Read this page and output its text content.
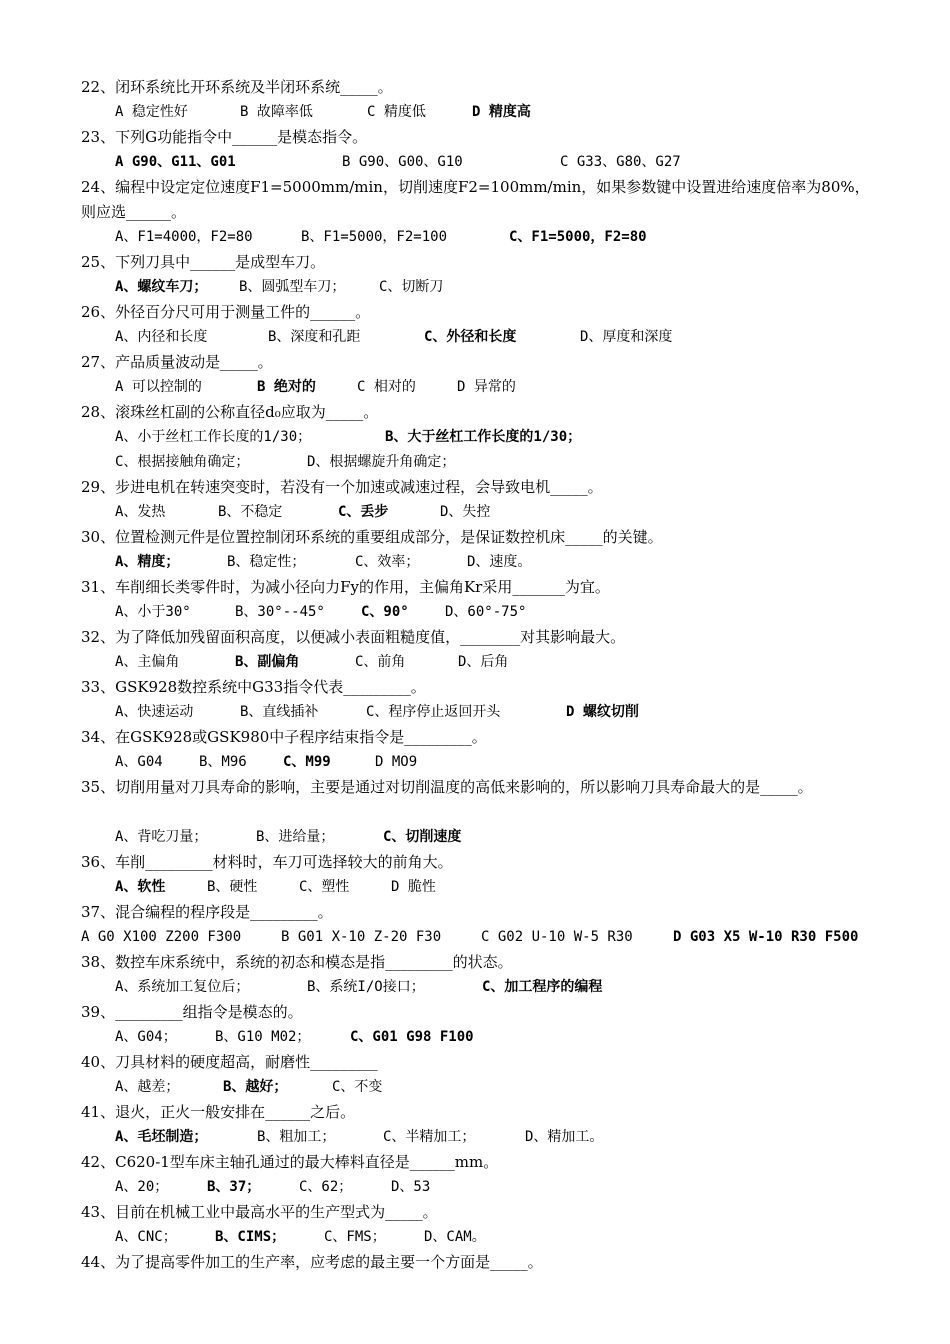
22、闭环系统比开环系统及半闭环系统_____。
A 稳定性好	B 故障率低	C 精度低	D 精度高
23、下列G功能指令中______是模态指令。
A G90、G11、G01	B G90、G00、G10	C G33、G80、G27
24、编程中设定定位速度F1=5000mm/min，切削速度F2=100mm/min，如果参数键中设置进给速度倍率为80%，则应选______。
A、F1=4000，F2=80	B、F1=5000，F2=100	C、F1=5000，F2=80
25、下列刀具中______是成型车刀。
A、螺纹车刀； B、圆弧型车刀； C、切断刀
26、外径百分尺可用于测量工件的______。
A、内径和长度	B、深度和孔距	C、外径和长度	D、厚度和深度
27、产品质量波动是_____。
A 可以控制的	B 绝对的	C 相对的	D 异常的
28、滚珠丝杠副的公称直径d₀应取为_____。
A、小于丝杠工作长度的1/30；	B、大于丝杠工作长度的1/30；
C、根据接触角确定；	D、根据螺旋升角确定；
29、步进电机在转速突变时，若没有一个加速或减速过程，会导致电机_____。
A、发热	B、不稳定	C、丢步	D、失控
30、位置检测元件是位置控制闭环系统的重要组成部分，是保证数控机床_____的关键。
A、精度；	B、稳定性；	C、效率；	D、速度。
31、车削细长类零件时，为减小径向力Fy的作用，主偏角Kr采用_______为宜。
A、小于30°	B、30°--45°	C、90°	D、60°-75°
32、为了降低加残留面积高度，以便减小表面粗糙度值，________对其影响最大。
A、主偏角	B、副偏角	C、前角	D、后角
33、GSK928数控系统中G33指令代表_________。
A、快速运动	B、直线插补	C、程序停止返回开头	D 螺纹切削
34、在GSK928或GSK980中子程序结束指令是_________。
A、G04	B、M96	C、M99	D MO9
35、切削用量对刀具寿命的影响，主要是通过对切削温度的高低来影响的，所以影响刀具寿命最大的是_____。
A、背吃刀量；	B、进给量；	C、切削速度
36、车削_________材料时，车刀可选择较大的前角大。
A、软性	B、硬性	C、塑性	D 脆性
37、混合编程的程序段是_________。
A G0 X100 Z200 F300	B G01 X-10 Z-20 F30	C G02 U-10 W-5 R30	D G03 X5 W-10 R30 F500
38、数控车床系统中，系统的初态和模态是指_________的状态。
A、系统加工复位后；	B、系统I/O接口；	C、加工程序的编程
39、_________组指令是模态的。
A、G04；	B、G10 M02；	C、G01 G98 F100
40、刀具材料的硬度超高，耐磨性_________
A、越差；	B、越好；	C、不变
41、退火，正火一般安排在______之后。
A、毛坯制造；	B、粗加工；	C、半精加工；	D、精加工。
42、C620-1型车床主轴孔通过的最大棒料直径是______mm。
A、20；	B、37；	C、62；	D、53
43、目前在机械工业中最高水平的生产型式为_____。
A、CNC；	B、CIMS；	C、FMS；	D、CAM。
44、为了提高零件加工的生产率，应考虑的最主要一个方面是_____。
